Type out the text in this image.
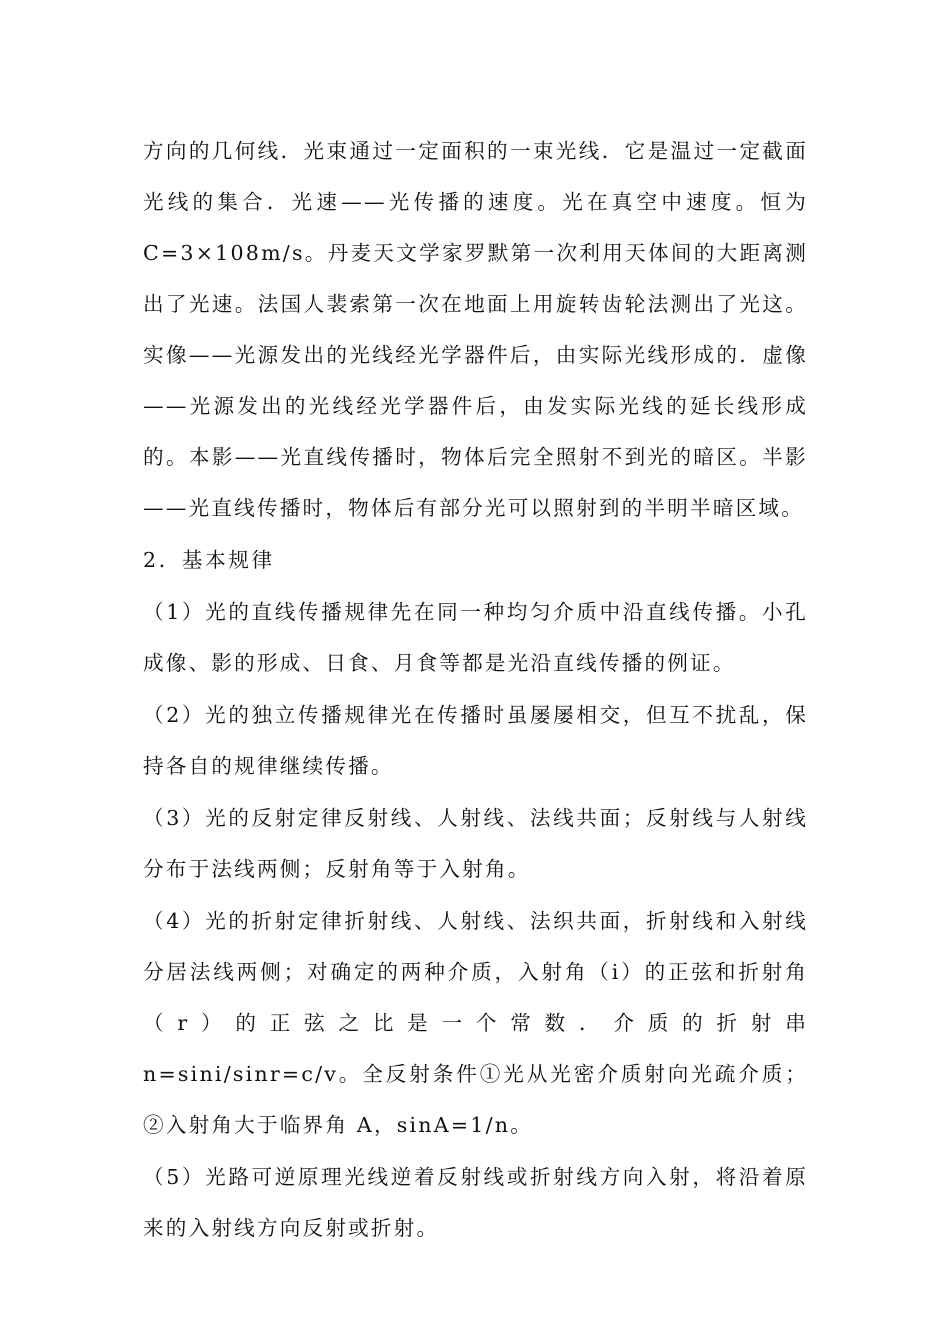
方向的几何线．光束通过一定面积的一束光线．它是温过一定截面光线的集合．光速——光传播的速度。光在真空中速度。恒为C=3×108m/s。丹麦天文学家罗默第一次利用天体间的大距离测出了光速。法国人裴索第一次在地面上用旋转齿轮法测出了光这。实像——光源发出的光线经光学器件后，由实际光线形成的．虚像——光源发出的光线经光学器件后，由发实际光线的延长线形成的。本影——光直线传播时，物体后完全照射不到光的暗区。半影——光直线传播时，物体后有部分光可以照射到的半明半暗区域。

2．基本规律

（1）光的直线传播规律先在同一种均匀介质中沿直线传播。小孔成像、影的形成、日食、月食等都是光沿直线传播的例证。

（2）光的独立传播规律光在传播时虽屡屡相交，但互不扰乱，保持各自的规律继续传播。

（3）光的反射定律反射线、人射线、法线共面；反射线与人射线分布于法线两侧；反射角等于入射角。

（4）光的折射定律折射线、人射线、法织共面，折射线和入射线分居法线两侧；对确定的两种介质，入射角（i）的正弦和折射角（r）的正弦之比是一个常数．介质的折射串 n=sini/sinr=c/v。全反射条件①光从光密介质射向光疏介质；②入射角大于临界角 A，sinA=1/n。

（5）光路可逆原理光线逆着反射线或折射线方向入射，将沿着原来的入射线方向反射或折射。
